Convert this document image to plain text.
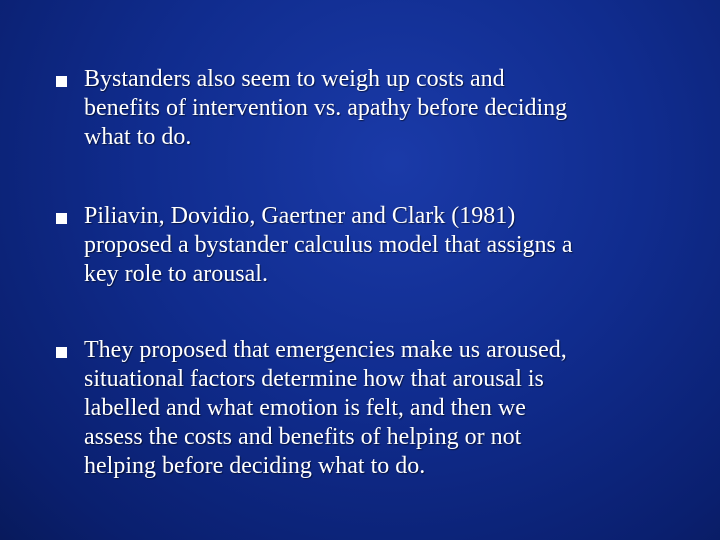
Bystanders also seem to weigh up costs and
benefits of intervention vs. apathy before deciding
what to do.
Piliavin, Dovidio, Gaertner and Clark (1981)
proposed a bystander calculus model that assigns a
key role to arousal.
They proposed that emergencies make us aroused,
situational factors determine how that arousal is
labelled and what emotion is felt, and then we
assess the costs and benefits of helping or not
helping before deciding what to do.
